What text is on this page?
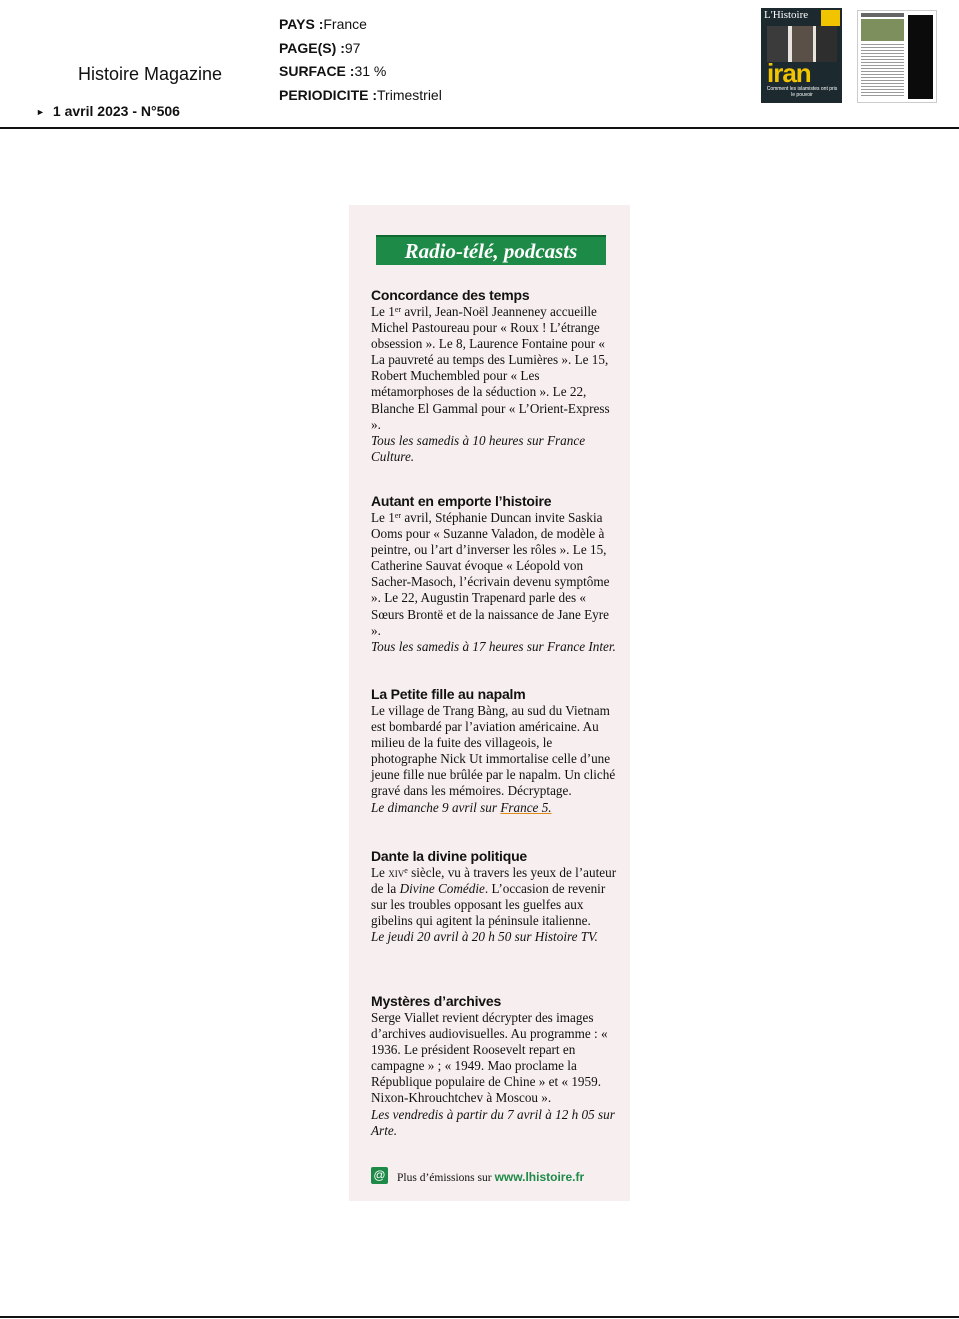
Histoire Magazine
► 1 avril 2023 - N°506
PAYS :France
PAGE(S) :97
SURFACE :31 %
PERIODICITE :Trimestriel
L'Histoire
iran
Comment les islamistes ont pris le pouvoir
Radio-télé, podcasts
Concordance des temps

Le 1er avril, Jean-Noël Jeanneney accueille Michel Pastoureau pour « Roux ! L’étrange obsession ». Le 8, Laurence Fontaine pour « La pauvreté au temps des Lumières ». Le 15, Robert Muchembled pour « Les métamorphoses de la séduction ». Le 22, Blanche El Gammal pour « L’Orient-Express ».

Tous les samedis à 10 heures sur France Culture.

Autant en emporte l’histoire

Le 1er avril, Stéphanie Duncan invite Saskia Ooms pour « Suzanne Valadon, de modèle à peintre, ou l’art d’inverser les rôles ». Le 15, Catherine Sauvat évoque « Léopold von Sacher-Masoch, l’écrivain devenu symptôme ». Le 22, Augustin Trapenard parle des « Sœurs Brontë et de la naissance de Jane Eyre ».

Tous les samedis à 17 heures sur France Inter.

La Petite fille au napalm

Le village de Trang Bàng, au sud du Vietnam est bombardé par l’aviation américaine. Au milieu de la fuite des villageois, le photographe Nick Ut immortalise celle d’une jeune fille nue brûlée par le napalm. Un cliché gravé dans les mémoires. Décryptage.

Le dimanche 9 avril sur France 5.

Dante la divine politique

Le xiv$^e$ siècle, vu à travers les yeux de l’auteur de la Divine Comédie. L’occasion de revenir sur les troubles opposant les guelfes aux gibelins qui agitent la péninsule italienne.

Le jeudi 20 avril à 20 h 50 sur Histoire TV.

Mystères d’archives

Serge Viallet revient décrypter des images d’archives audiovisuelles. Au programme : « 1936. Le président Roosevelt repart en campagne » ; « 1949. Mao proclame la République populaire de Chine » et « 1959. Nixon-Khrouchtchev à Moscou ».

Les vendredis à partir du 7 avril à 12 h 05 sur Arte.

@ Plus d’émissions sur www.lhistoire.fr
